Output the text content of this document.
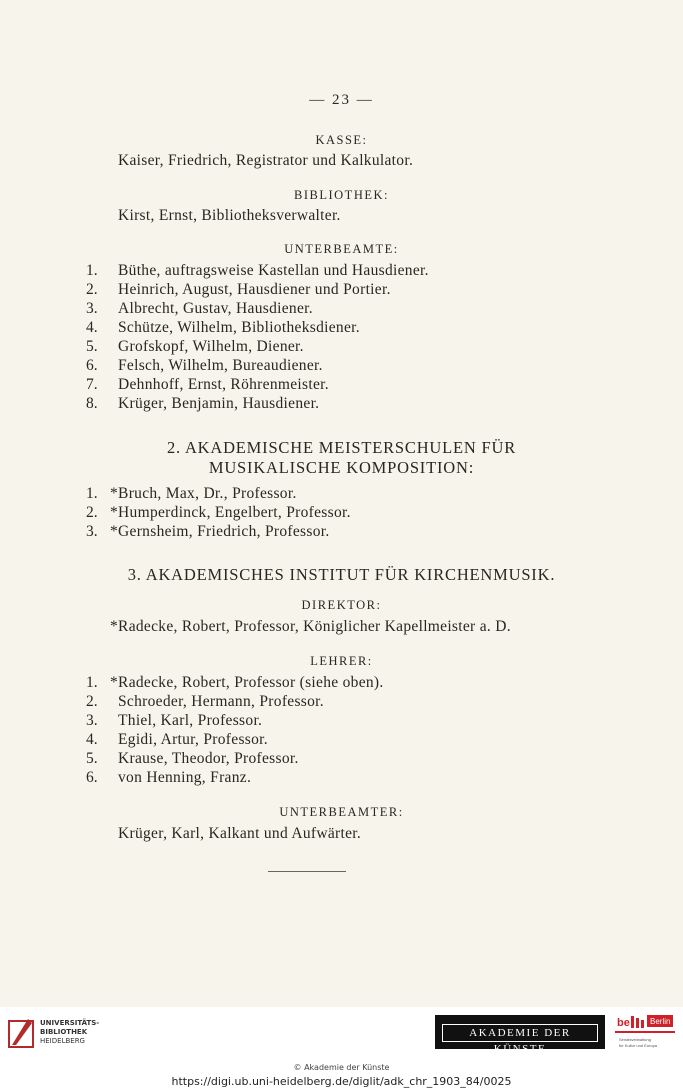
— 23 —
KASSE:
Kaiser, Friedrich, Registrator und Kalkulator.
BIBLIOTHEK:
Kirst, Ernst, Bibliotheksverwalter.
UNTERBEAMTE:
1.	Büthe, auftragsweise Kastellan und Hausdiener.
2.	Heinrich, August, Hausdiener und Portier.
3.	Albrecht, Gustav, Hausdiener.
4.	Schütze, Wilhelm, Bibliotheksdiener.
5.	Grofskopf, Wilhelm, Diener.
6.	Felsch, Wilhelm, Bureaudiener.
7.	Dehnhoff, Ernst, Röhrenmeister.
8.	Krüger, Benjamin, Hausdiener.
2. AKADEMISCHE MEISTERSCHULEN FÜR
MUSIKALISCHE KOMPOSITION:
1. *Bruch, Max, Dr., Professor.
2. *Humperdinck, Engelbert, Professor.
3. *Gernsheim, Friedrich, Professor.
3. AKADEMISCHES INSTITUT FÜR KIRCHENMUSIK.
DIREKTOR:
*Radecke, Robert, Professor, Königlicher Kapellmeister a. D.
LEHRER:
1. *Radecke, Robert, Professor (siehe oben).
2.	Schroeder, Hermann, Professor.
3.	Thiel, Karl, Professor.
4.	Egidi, Artur, Professor.
5.	Krause, Theodor, Professor.
6.	von Henning, Franz.
UNTERBEAMTER:
Krüger, Karl, Kalkant und Aufwärter.
UNIVERSITÄTS-
BIBLIOTHEK
HEIDELBERG
AKADEMIE DER KÜNSTE
be	Berlin
Senatsverwaltung
für Kultur und Europa
© Akademie der Künste
https://digi.ub.uni-heidelberg.de/diglit/adk_chr_1903_84/0025
